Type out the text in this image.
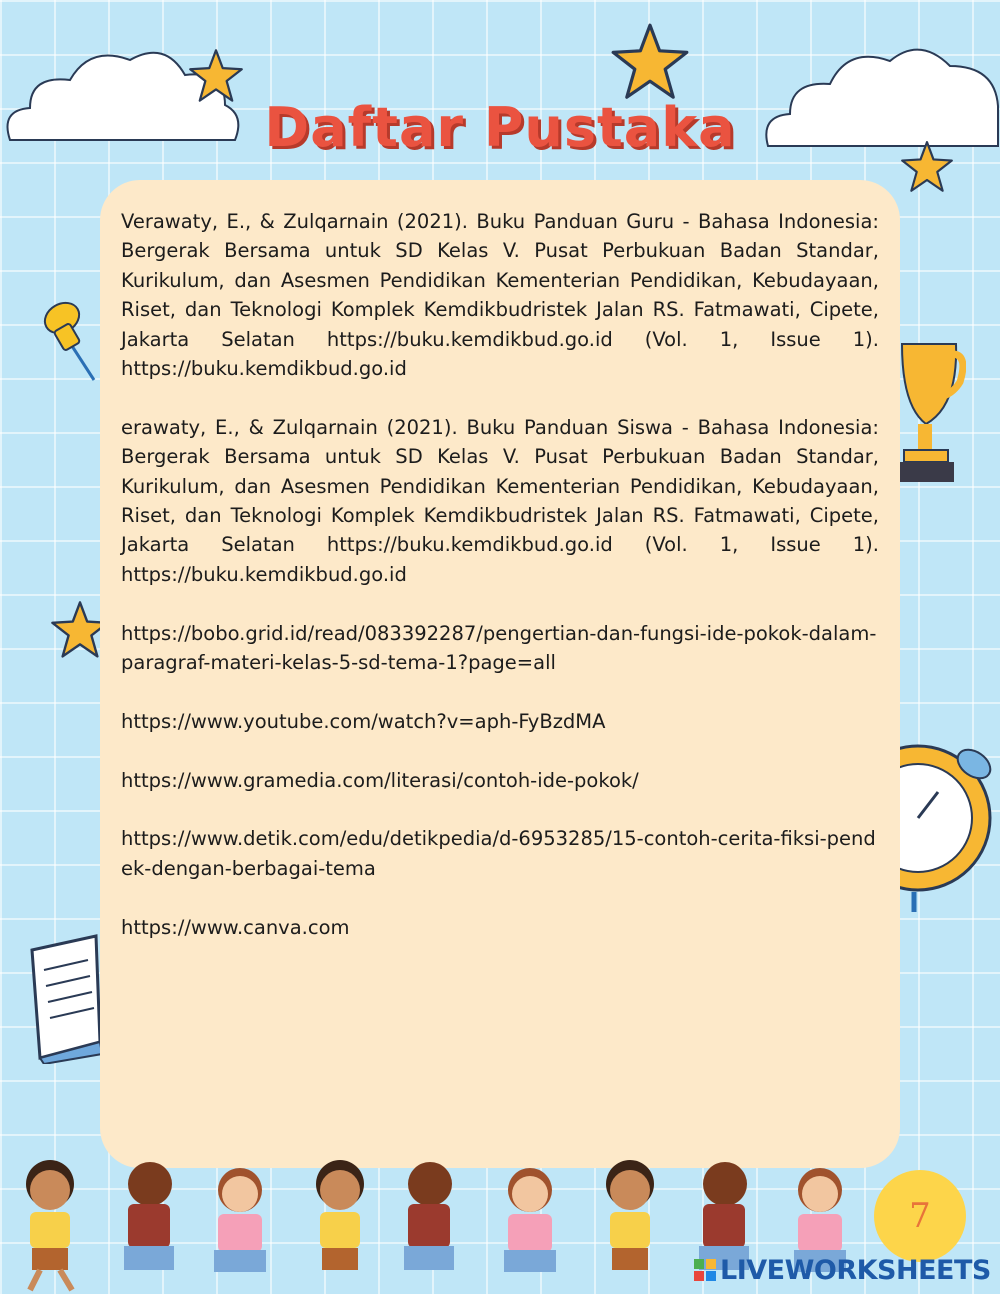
Daftar Pustaka

Verawaty, E., & Zulqarnain (2021). Buku Panduan Guru - Bahasa Indonesia: Bergerak Bersama untuk SD Kelas V. Pusat Perbukuan Badan Standar, Kurikulum, dan Asesmen Pendidikan Kementerian Pendidikan, Kebudayaan, Riset, dan Teknologi Komplek Kemdikbudristek Jalan RS. Fatmawati, Cipete, Jakarta Selatan https://buku.kemdikbud.go.id (Vol. 1, Issue 1). https://buku.kemdikbud.go.id

erawaty, E., & Zulqarnain (2021). Buku Panduan Siswa - Bahasa Indonesia: Bergerak Bersama untuk SD Kelas V. Pusat Perbukuan Badan Standar, Kurikulum, dan Asesmen Pendidikan Kementerian Pendidikan, Kebudayaan, Riset, dan Teknologi Komplek Kemdikbudristek Jalan RS. Fatmawati, Cipete, Jakarta Selatan https://buku.kemdikbud.go.id (Vol. 1, Issue 1). https://buku.kemdikbud.go.id

https://bobo.grid.id/read/083392287/pengertian-dan-fungsi-ide-pokok-dalam-paragraf-materi-kelas-5-sd-tema-1?page=all

https://www.youtube.com/watch?v=aph-FyBzdMA

https://www.gramedia.com/literasi/contoh-ide-pokok/

https://www.detik.com/edu/detikpedia/d-6953285/15-contoh-cerita-fiksi-pendek-dengan-berbagai-tema

https://www.canva.com

7
LIVEWORKSHEETS
